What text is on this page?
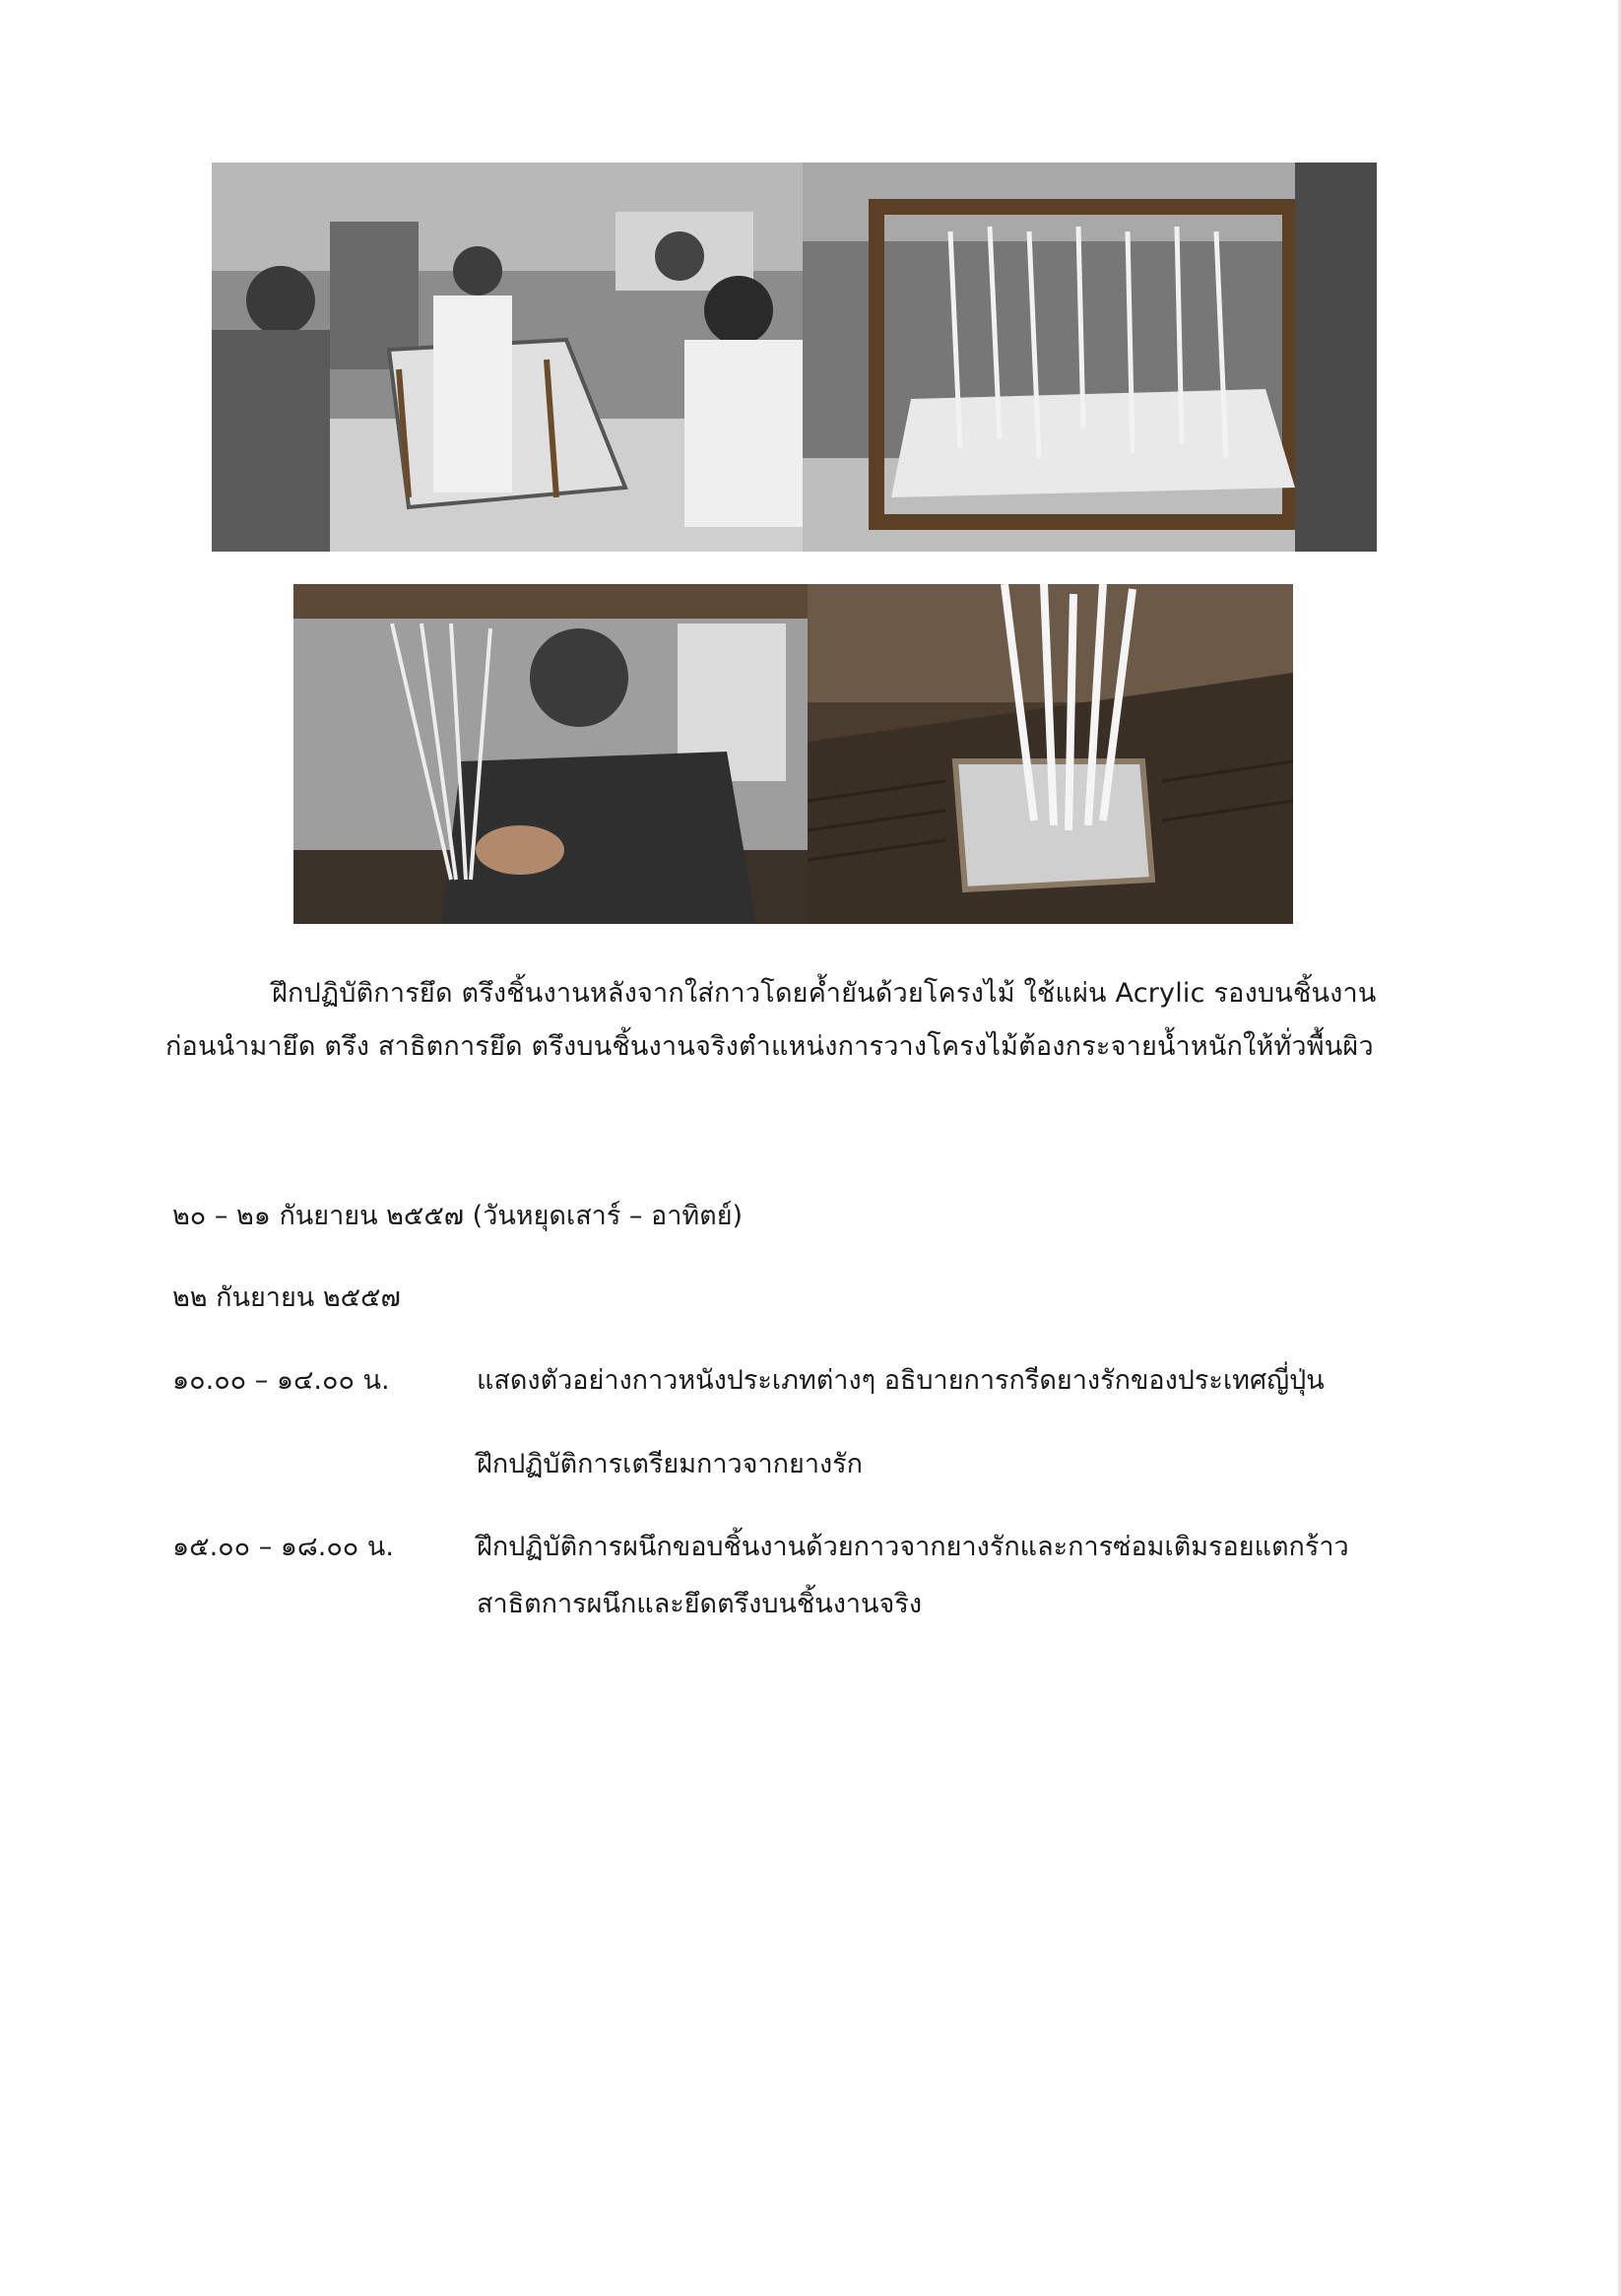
ฝึกปฏิบัติการยึด ตรึงชิ้นงานหลังจากใส่กาวโดยค้ำยันด้วยโครงไม้ ใช้แผ่น Acrylic รองบนชิ้นงาน
ก่อนนำมายึด ตรึง สาธิตการยึด ตรึงบนชิ้นงานจริงตำแหน่งการวางโครงไม้ต้องกระจายน้ำหนักให้ทั่วพื้นผิว
๒๐ – ๒๑ กันยายน ๒๕๕๗ (วันหยุดเสาร์ – อาทิตย์)
๒๒ กันยายน ๒๕๕๗
๑๐.๐๐ – ๑๔.๐๐ น.	แสดงตัวอย่างกาวหนังประเภทต่างๆ อธิบายการกรีดยางรักของประเทศญี่ปุ่น
ฝึกปฏิบัติการเตรียมกาวจากยางรัก
๑๕.๐๐ – ๑๘.๐๐ น.	ฝึกปฏิบัติการผนึกขอบชิ้นงานด้วยกาวจากยางรักและการซ่อมเติมรอยแตกร้าว
สาธิตการผนึกและยึดตรึงบนชิ้นงานจริง
